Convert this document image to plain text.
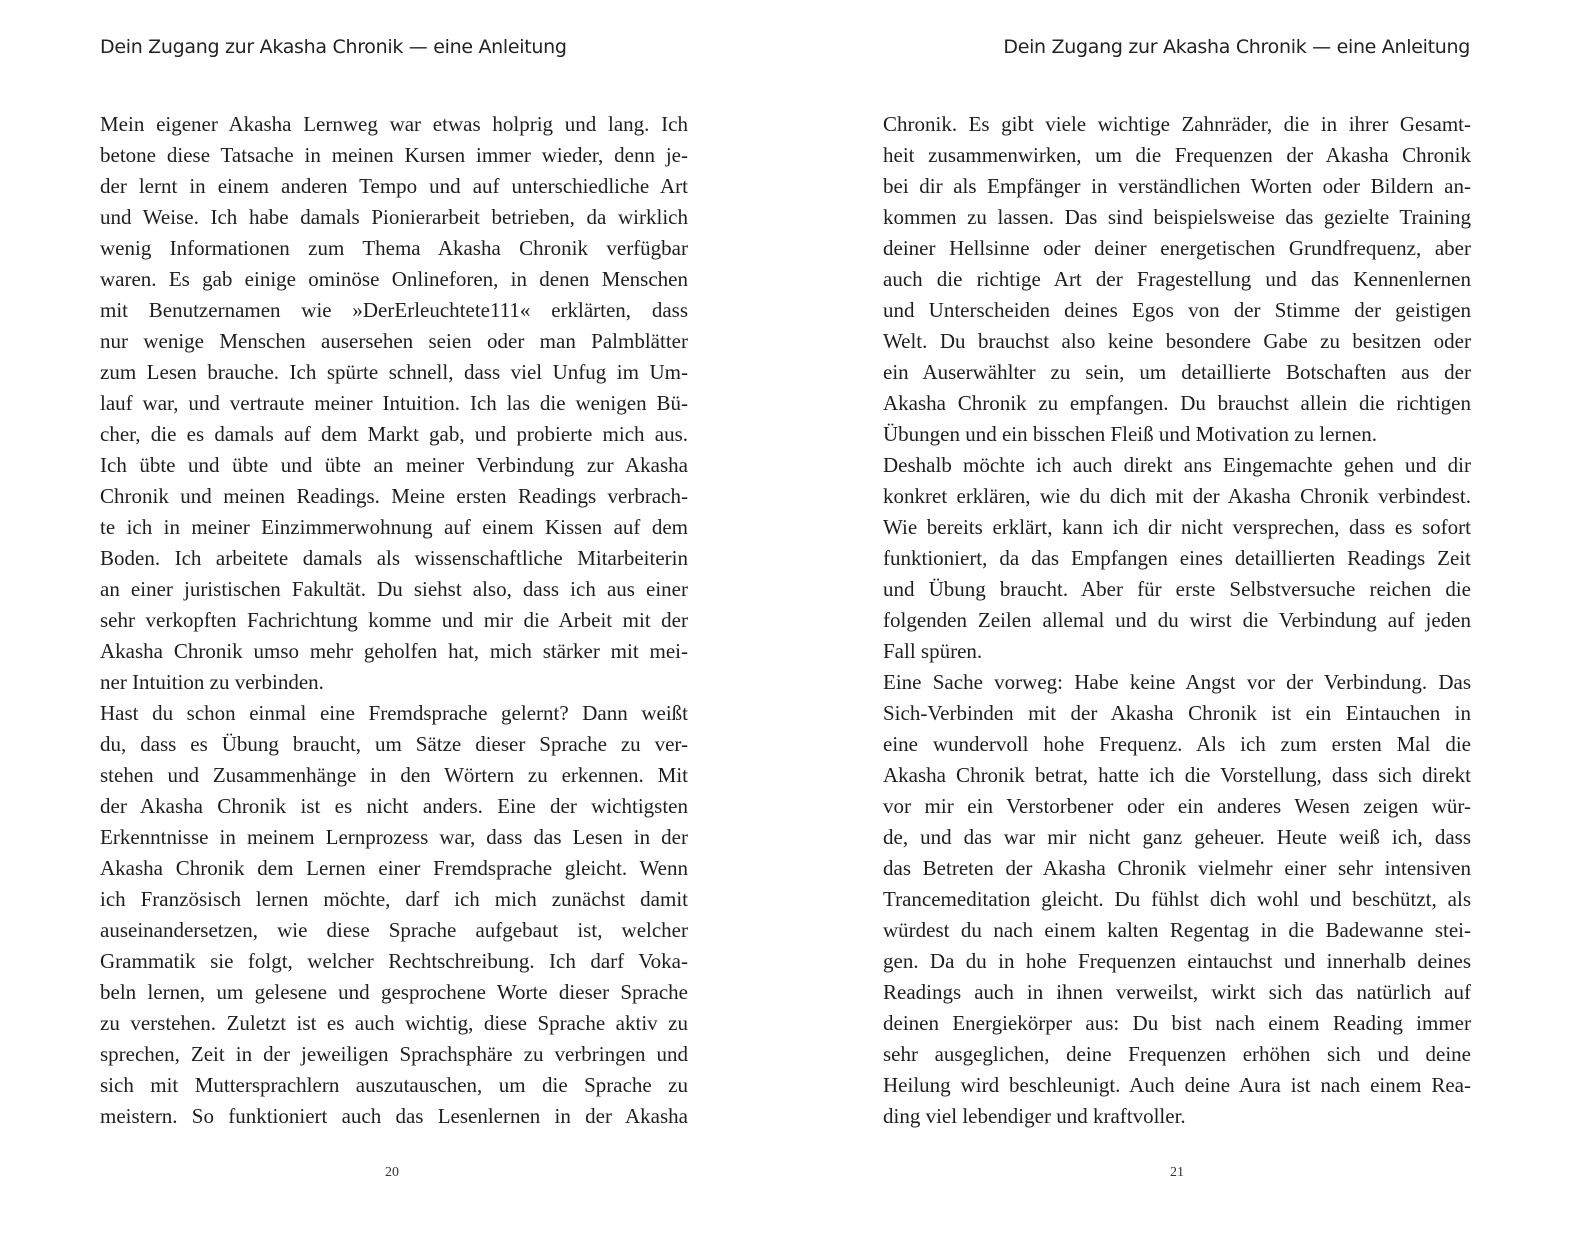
Dein Zugang zur Akasha Chronik — eine Anleitung
Mein eigener Akasha Lernweg war etwas holprig und lang. Ich
betone diese Tatsache in meinen Kursen immer wieder, denn je-
der lernt in einem anderen Tempo und auf unterschiedliche Art
und Weise. Ich habe damals Pionierarbeit betrieben, da wirklich
wenig Informationen zum Thema Akasha Chronik verfügbar
waren. Es gab einige ominöse Onlineforen, in denen Menschen
mit Benutzernamen wie »DerErleuchtete111« erklärten, dass
nur wenige Menschen ausersehen seien oder man Palmblätter
zum Lesen brauche. Ich spürte schnell, dass viel Unfug im Um-
lauf war, und vertraute meiner Intuition. Ich las die wenigen Bü-
cher, die es damals auf dem Markt gab, und probierte mich aus.
Ich übte und übte und übte an meiner Verbindung zur Akasha
Chronik und meinen Readings. Meine ersten Readings verbrach-
te ich in meiner Einzimmerwohnung auf einem Kissen auf dem
Boden. Ich arbeitete damals als wissenschaftliche Mitarbeiterin
an einer juristischen Fakultät. Du siehst also, dass ich aus einer
sehr verkopften Fachrichtung komme und mir die Arbeit mit der
Akasha Chronik umso mehr geholfen hat, mich stärker mit mei-
ner Intuition zu verbinden.
Hast du schon einmal eine Fremdsprache gelernt? Dann weißt
du, dass es Übung braucht, um Sätze dieser Sprache zu ver-
stehen und Zusammenhänge in den Wörtern zu erkennen. Mit
der Akasha Chronik ist es nicht anders. Eine der wichtigsten
Erkenntnisse in meinem Lernprozess war, dass das Lesen in der
Akasha Chronik dem Lernen einer Fremdsprache gleicht. Wenn
ich Französisch lernen möchte, darf ich mich zunächst damit
auseinandersetzen, wie diese Sprache aufgebaut ist, welcher
Grammatik sie folgt, welcher Rechtschreibung. Ich darf Voka-
beln lernen, um gelesene und gesprochene Worte dieser Sprache
zu verstehen. Zuletzt ist es auch wichtig, diese Sprache aktiv zu
sprechen, Zeit in der jeweiligen Sprachsphäre zu verbringen und
sich mit Muttersprachlern auszutauschen, um die Sprache zu
meistern. So funktioniert auch das Lesenlernen in der Akasha
20
Dein Zugang zur Akasha Chronik — eine Anleitung
Chronik. Es gibt viele wichtige Zahnräder, die in ihrer Gesamt-
heit zusammenwirken, um die Frequenzen der Akasha Chronik
bei dir als Empfänger in verständlichen Worten oder Bildern an-
kommen zu lassen. Das sind beispielsweise das gezielte Training
deiner Hellsinne oder deiner energetischen Grundfrequenz, aber
auch die richtige Art der Fragestellung und das Kennenlernen
und Unterscheiden deines Egos von der Stimme der geistigen
Welt. Du brauchst also keine besondere Gabe zu besitzen oder
ein Auserwählter zu sein, um detaillierte Botschaften aus der
Akasha Chronik zu empfangen. Du brauchst allein die richtigen
Übungen und ein bisschen Fleiß und Motivation zu lernen.
Deshalb möchte ich auch direkt ans Eingemachte gehen und dir
konkret erklären, wie du dich mit der Akasha Chronik verbindest.
Wie bereits erklärt, kann ich dir nicht versprechen, dass es sofort
funktioniert, da das Empfangen eines detaillierten Readings Zeit
und Übung braucht. Aber für erste Selbstversuche reichen die
folgenden Zeilen allemal und du wirst die Verbindung auf jeden
Fall spüren.
Eine Sache vorweg: Habe keine Angst vor der Verbindung. Das
Sich-Verbinden mit der Akasha Chronik ist ein Eintauchen in
eine wundervoll hohe Frequenz. Als ich zum ersten Mal die
Akasha Chronik betrat, hatte ich die Vorstellung, dass sich direkt
vor mir ein Verstorbener oder ein anderes Wesen zeigen wür-
de, und das war mir nicht ganz geheuer. Heute weiß ich, dass
das Betreten der Akasha Chronik vielmehr einer sehr intensiven
Trancemeditation gleicht. Du fühlst dich wohl und beschützt, als
würdest du nach einem kalten Regentag in die Badewanne stei-
gen. Da du in hohe Frequenzen eintauchst und innerhalb deines
Readings auch in ihnen verweilst, wirkt sich das natürlich auf
deinen Energiekörper aus: Du bist nach einem Reading immer
sehr ausgeglichen, deine Frequenzen erhöhen sich und deine
Heilung wird beschleunigt. Auch deine Aura ist nach einem Rea-
ding viel lebendiger und kraftvoller.
21
